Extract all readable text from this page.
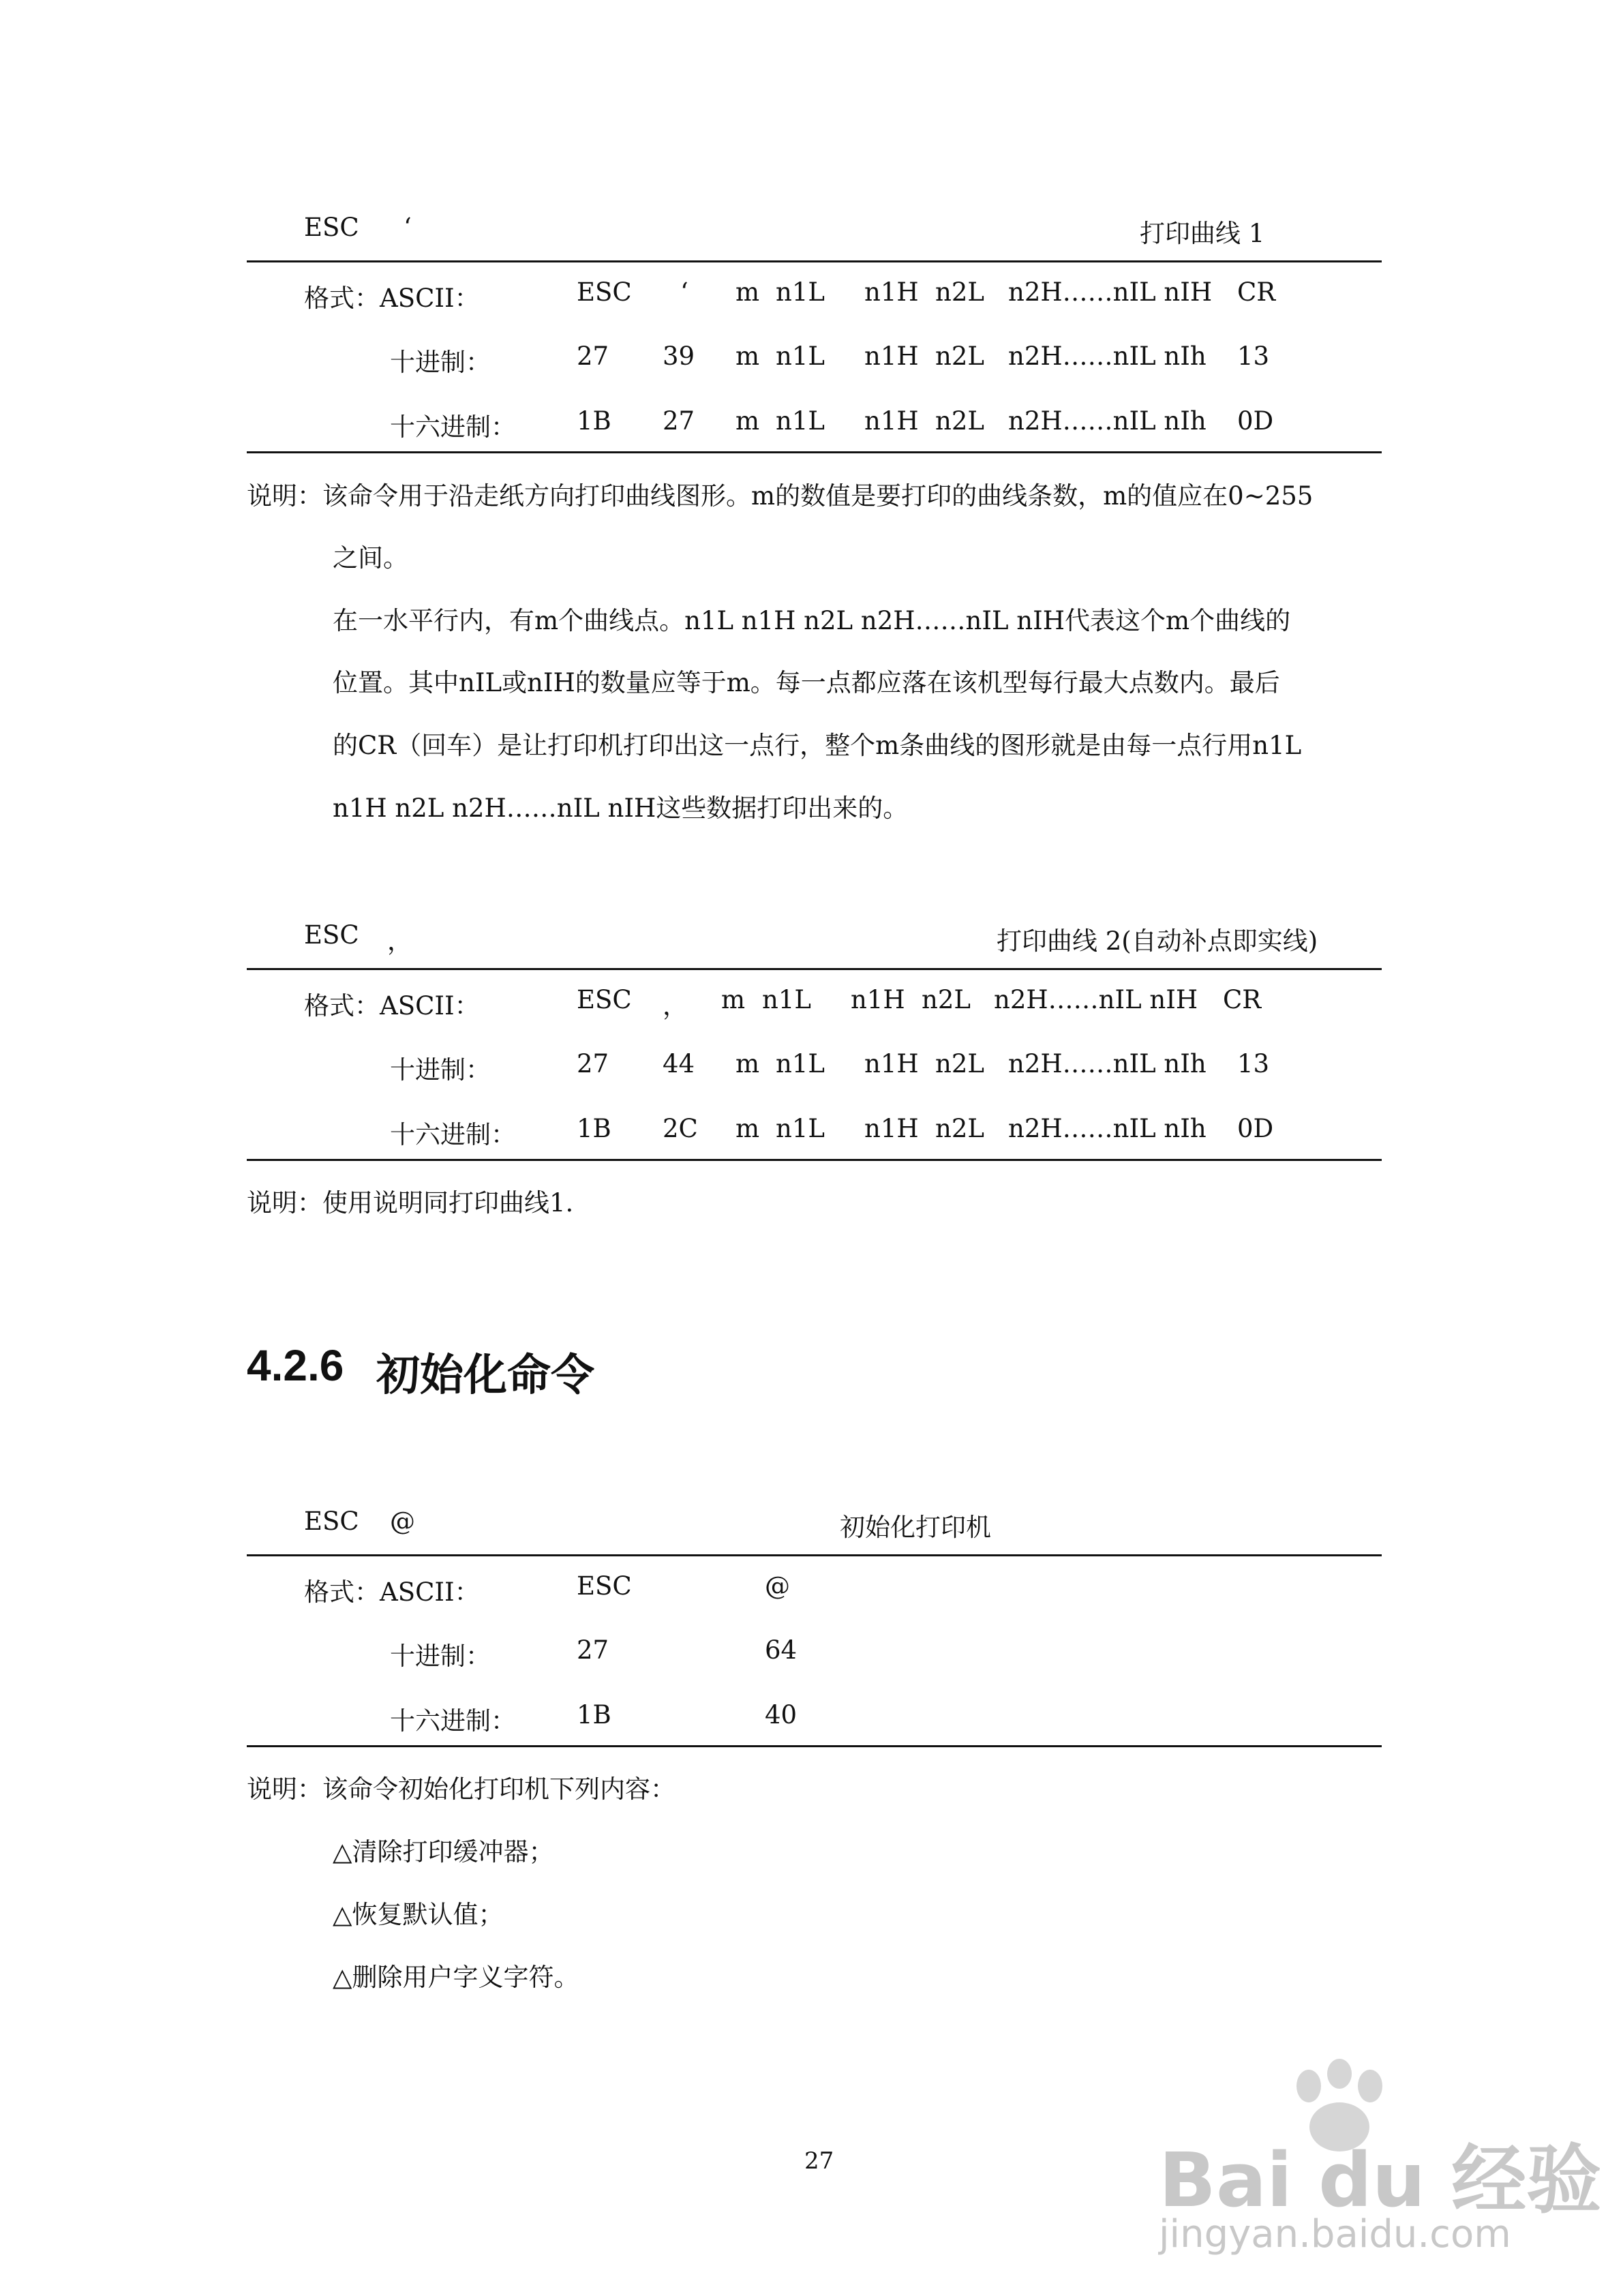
ESC ‘	打印曲线 1
格式：ASCII：	ESC ‘ m n1L n1H n2L n2H……nIL nIH CR
十进制：	27 39 m n1L n1H n2L n2H……nIL nIh 13
十六进制： 1B 27 m n1L n1H n2L n2H……nIL nIh 0D
说明：该命令用于沿走纸方向打印曲线图形。m的数值是要打印的曲线条数，m的值应在0~255
之间。
在一水平行内，有m个曲线点。n1L n1H n2L n2H……nIL nIH代表这个m个曲线的
位置。其中nIL或nIH的数量应等于m。每一点都应落在该机型每行最大点数内。最后
的CR（回车）是让打印机打印出这一点行，整个m条曲线的图形就是由每一点行用n1L
n1H n2L n2H……nIL nIH这些数据打印出来的。
ESC ，	打印曲线 2(自动补点即实线)
格式：ASCII：	ESC ， m n1L n1H n2L n2H……nIL nIH CR
十进制：	27 44 m n1L n1H n2L n2H……nIL nIh 13
十六进制： 1B 2C m n1L n1H n2L n2H……nIL nIh 0D
说明：使用说明同打印曲线1.
4.2.6 初始化命令
ESC @	初始化打印机
格式：ASCII：	ESC	@
十进制：	27	64
十六进制： 1B	40
说明：该命令初始化打印机下列内容：
△清除打印缓冲器；
△恢复默认值；
△删除用户字义字符。
27	Bai du 经验
jingyan.baidu.com
